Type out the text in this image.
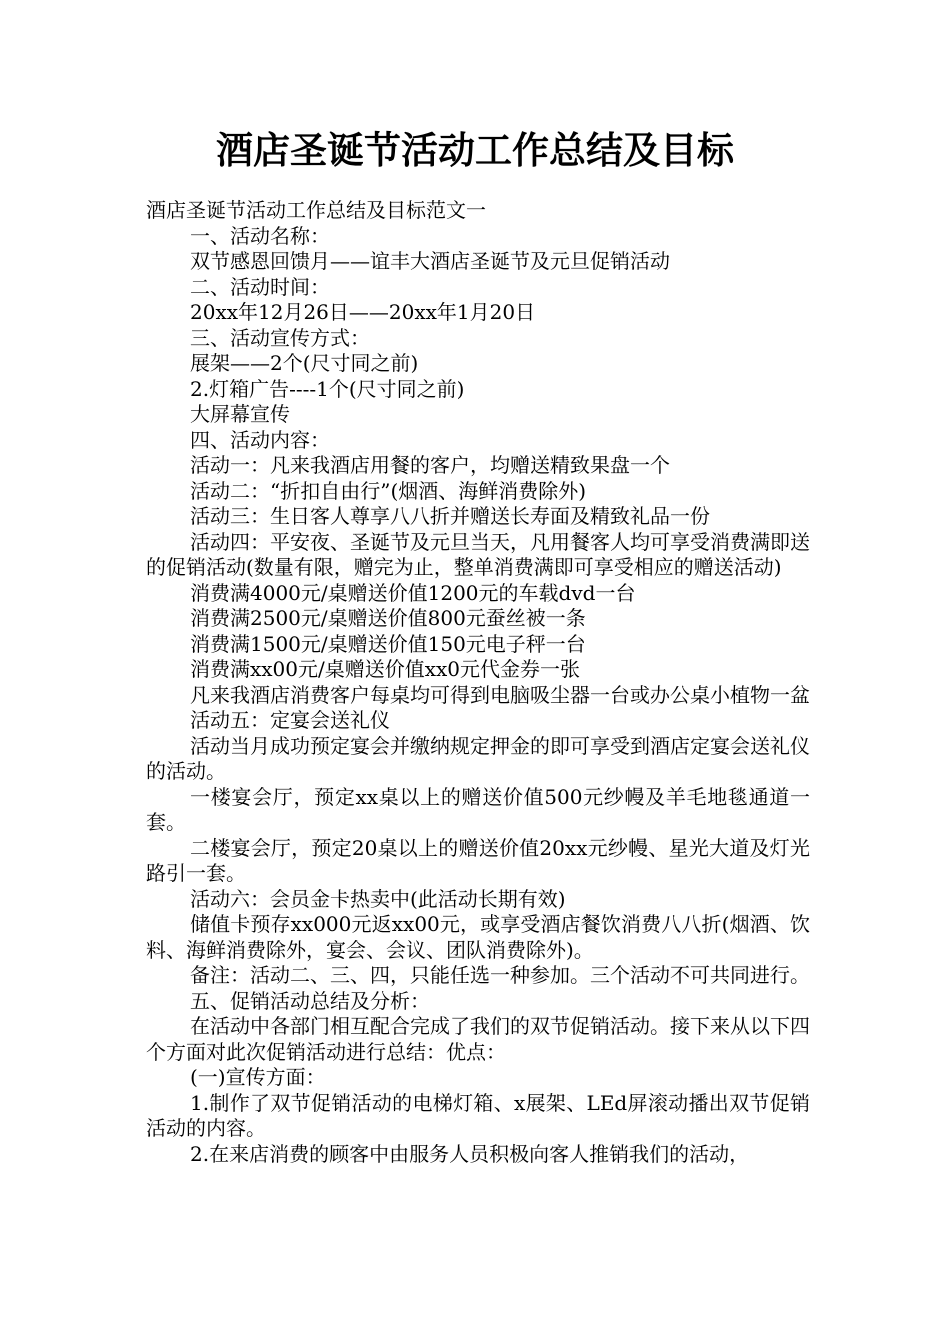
酒店圣诞节活动工作总结及目标

酒店圣诞节活动工作总结及目标范文一

一、活动名称：

双节感恩回馈月——谊丰大酒店圣诞节及元旦促销活动

二、活动时间：

20xx年12月26日——20xx年1月20日

三、活动宣传方式：

展架——2个(尺寸同之前)

2.灯箱广告----1个(尺寸同之前)

大屏幕宣传

四、活动内容：

活动一：凡来我酒店用餐的客户，均赠送精致果盘一个

活动二：“折扣自由行”(烟酒、海鲜消费除外)

活动三：生日客人尊享八八折并赠送长寿面及精致礼品一份

活动四：平安夜、圣诞节及元旦当天，凡用餐客人均可享受消费满即送的促销活动(数量有限，赠完为止，整单消费满即可享受相应的赠送活动)

消费满4000元/桌赠送价值1200元的车载dvd一台

消费满2500元/桌赠送价值800元蚕丝被一条

消费满1500元/桌赠送价值150元电子秤一台

消费满xx00元/桌赠送价值xx0元代金券一张

凡来我酒店消费客户每桌均可得到电脑吸尘器一台或办公桌小植物一盆

活动五：定宴会送礼仪

活动当月成功预定宴会并缴纳规定押金的即可享受到酒店定宴会送礼仪的活动。

一楼宴会厅，预定xx桌以上的赠送价值500元纱幔及羊毛地毯通道一套。

二楼宴会厅，预定20桌以上的赠送价值20xx元纱幔、星光大道及灯光路引一套。

活动六：会员金卡热卖中(此活动长期有效)

储值卡预存xx000元返xx00元，或享受酒店餐饮消费八八折(烟酒、饮料、海鲜消费除外，宴会、会议、团队消费除外)。

备注：活动二、三、四，只能任选一种参加。三个活动不可共同进行。

五、促销活动总结及分析：

在活动中各部门相互配合完成了我们的双节促销活动。接下来从以下四个方面对此次促销活动进行总结：优点：

(一)宣传方面：

1.制作了双节促销活动的电梯灯箱、x展架、LEd屏滚动播出双节促销活动的内容。

2.在来店消费的顾客中由服务人员积极向客人推销我们的活动，
